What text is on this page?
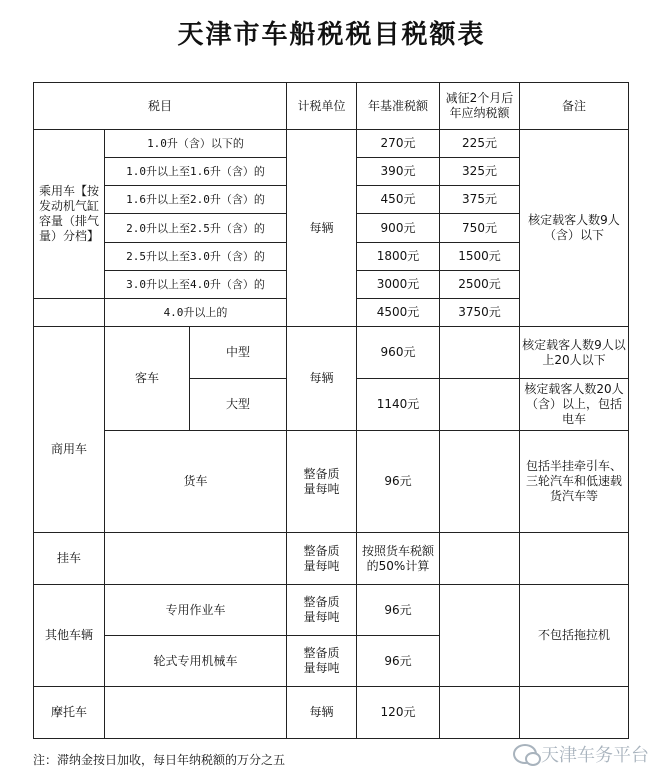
天津市车船税税目税额表
税目			计税单位	年基准税额	减征2个月后年应纳税额	备注
乘用车【按发动机气缸容量（排气量）分档】	1.0升（含）以下的		每辆	270元	225元	核定载客人数9人（含）以下
	1.0升以上至1.6升（含）的			390元	325元	
	1.6升以上至2.0升（含）的			450元	375元	
	2.0升以上至2.5升（含）的			900元	750元	
	2.5升以上至3.0升（含）的			1800元	1500元	
	3.0升以上至4.0升（含）的			3000元	2500元	
	4.0升以上的			4500元	3750元	
商用车	客车	中型	每辆	960元		核定载客人数9人以上20人以下
		大型		1140元		核定载客人数20人（含）以上，包括电车
	货车		整备质量每吨	96元		包括半挂牵引车、三轮汽车和低速载货汽车等
挂车			整备质量每吨	按照货车税额的50%计算		
其他车辆	专用作业车		整备质量每吨	96元		不包括拖拉机
	轮式专用机械车		整备质量每吨	96元		
摩托车			每辆	120元		
注：滞纳金按日加收，每日年纳税额的万分之五	天津车务平台
